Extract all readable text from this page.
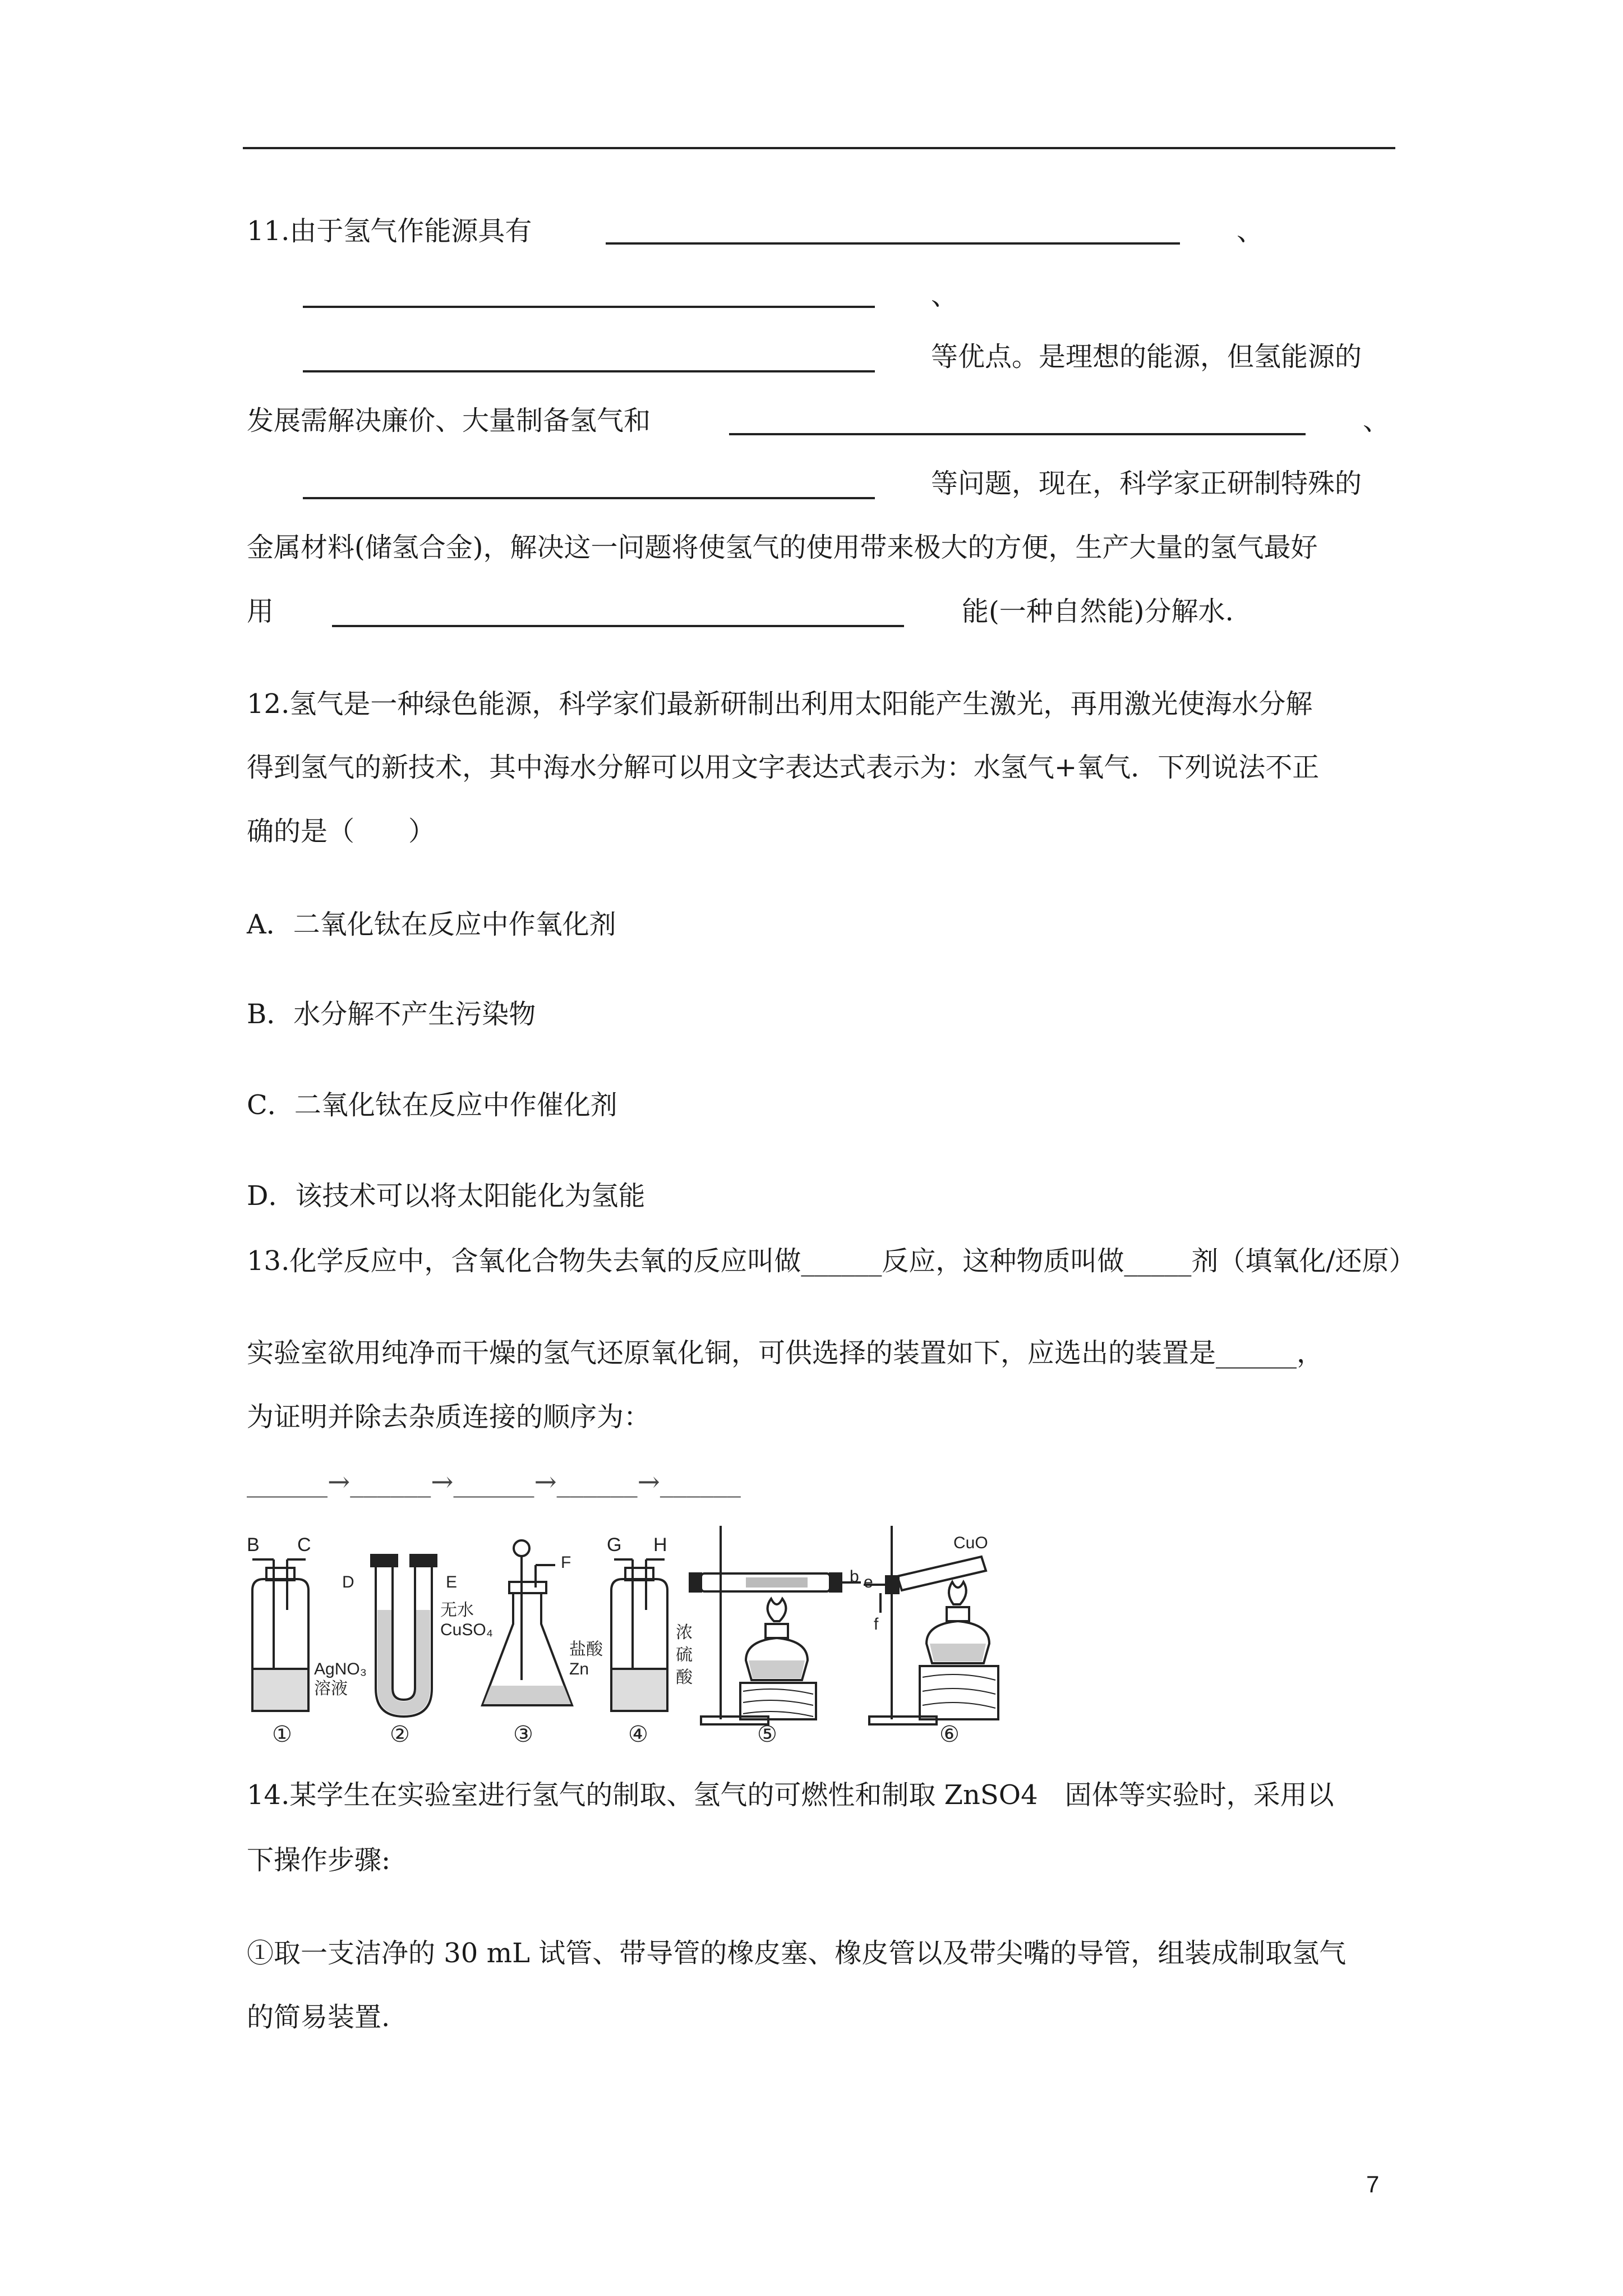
11.由于氢气作能源具有	、
、
等优点。是理想的能源，但氢能源的
发展需解决廉价、大量制备氢气和	、
等问题，现在，科学家正研制特殊的
金属材料(储氢合金)，解决这一问题将使氢气的使用带来极大的方便，生产大量的氢气最好
用	能(一种自然能)分解水.
12.氢气是一种绿色能源，科学家们最新研制出利用太阳能产生激光，再用激光使海水分解
得到氢气的新技术，其中海水分解可以用文字表达式表示为：水氢气+氧气．下列说法不正
确的是（　　）
A．二氧化钛在反应中作氧化剂
B．水分解不产生污染物
C．二氧化钛在反应中作催化剂
D．该技术可以将太阳能化为氢能
13.化学反应中，含氧化合物失去氧的反应叫做______反应，这种物质叫做_____剂（填氧化/还原）
实验室欲用纯净而干燥的氢气还原氧化铜，可供选择的装置如下，应选出的装置是______，
为证明并除去杂质连接的顺序为：
______→______→______→______→______
B C
AgNO₃
溶液
①
D	E
无水
CuSO₄
②
F
盐酸
Zn
③
G H
浓
硫
酸
④	⑤
b e
f
CuO
⑥
14.某学生在实验室进行氢气的制取、氢气的可燃性和制取 ZnSO4　固体等实验时，采用以
下操作步骤:
①取一支洁净的 30 mL 试管、带导管的橡皮塞、橡皮管以及带尖嘴的导管，组装成制取氢气
的简易装置.
7
